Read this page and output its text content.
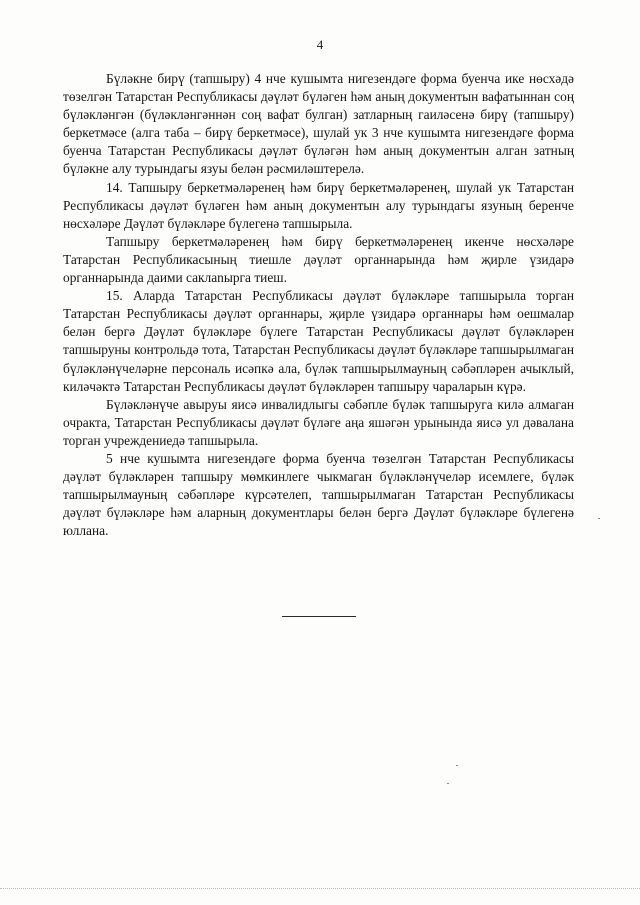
4

Бүләкне бирү (тапшыру) 4 нче кушымта нигезендәге форма буенча ике нөсхәдә төзелгән Татарстан Республикасы дәүләт бүләген һәм аның документын вафатыннан соң бүләкләнгән (бүләкләнгәннән соң вафат булган) затларның гаиләсенә бирү (тапшыру) беркетмәсе (алга таба – бирү беркетмәсе), шулай ук 3 нче кушымта нигезендәге форма буенча Татарстан Республикасы дәүләт бүләгән һәм аның документын алган затның бүләкне алу турындагы язуы белән рәсмиләштерелә.

14. Тапшыру беркетмәләренең һәм бирү беркетмәләренең, шулай ук Татарстан Республикасы дәүләт бүләген һәм аның документын алу турындагы язуның беренче нөсхәләре Дәүләт бүләкләре бүлегенә тапшырыла.

Тапшыру беркетмәләренең һәм бирү беркетмәләренең икенче нөсхәләре Татарстан Республикасының тиешле дәүләт органнарында һәм җирле үзидарә органнарында даими саклanырга тиеш.

15. Аларда Татарстан Республикасы дәүләт бүләкләре тапшырыла торган Татарстан Республикасы дәүләт органнары, җирле үзидарә органнары һәм оешмалар белән бергә Дәүләт бүләкләре бүлеге Татарстан Республикасы дәүләт бүләкләрен тапшыруны контрольдә тота, Татарстан Республикасы дәүләт бүләкләре тапшырылмаган бүләкләнүчеләрне персональ исәпкә ала, бүләк тапшырылмауның сәбәпләрен ачыклый, киләчәктә Татарстан Республикасы дәүләт бүләкләрен тапшыру чараларын күрә.

Бүләкләнүче авыруы яисә инвалидлыгы сәбәпле бүләк тапшыруга килә алмаган очракта, Татарстан Республикасы дәүләт бүләге аңа яшәгән урынында яисә ул дәвалана торган учреждениедә тапшырыла.

5 нче кушымта нигезендәге форма буенча төзелгән Татарстан Республикасы дәүләт бүләкләрен тапшыру мөмкинлеге чыкмаган бүләкләнүчеләр исемлеге, бүләк тапшырылмауның сәбәпләре күрсәтелеп, тапшырылмаган Татарстан Республикасы дәүләт бүләкләре һәм аларның документлары белән бергә Дәүләт бүләкләре бүлегенә юллана.
